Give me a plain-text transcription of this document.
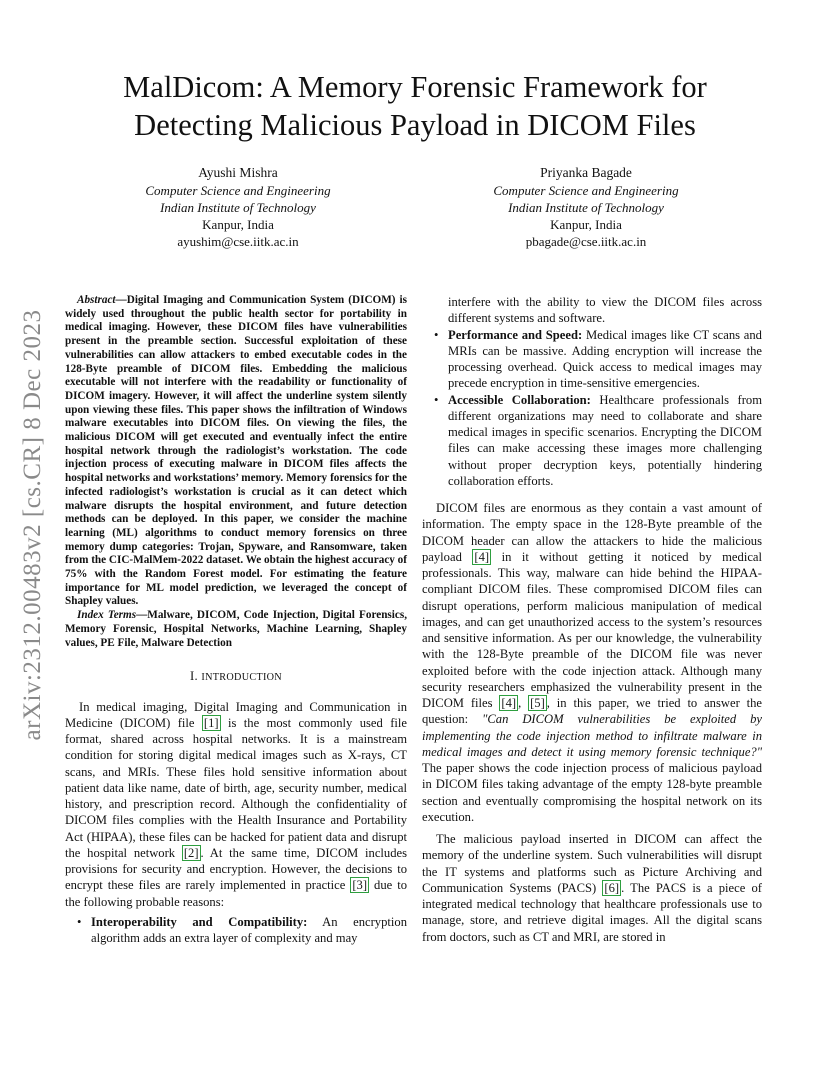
arXiv:2312.00483v2 [cs.CR] 8 Dec 2023
MalDicom: A Memory Forensic Framework for
Detecting Malicious Payload in DICOM Files
Ayushi Mishra
Computer Science and Engineering
Indian Institute of Technology
Kanpur, India
ayushim@cse.iitk.ac.in
Priyanka Bagade
Computer Science and Engineering
Indian Institute of Technology
Kanpur, India
pbagade@cse.iitk.ac.in

Abstract—Digital Imaging and Communication System (DICOM) is widely used throughout the public health sector for portability in medical imaging. However, these DICOM files have vulnerabilities present in the preamble section. Successful exploitation of these vulnerabilities can allow attackers to embed executable codes in the 128-Byte preamble of DICOM files. Embedding the malicious executable will not interfere with the readability or functionality of DICOM imagery. However, it will affect the underline system silently upon viewing these files. This paper shows the infiltration of Windows malware executables into DICOM files. On viewing the files, the malicious DICOM will get executed and eventually infect the entire hospital network through the radiologist’s workstation. The code injection process of executing malware in DICOM files affects the hospital networks and workstations’ memory. Memory forensics for the infected radiologist’s workstation is crucial as it can detect which malware disrupts the hospital environment, and future detection methods can be deployed. In this paper, we consider the machine learning (ML) algorithms to conduct memory forensics on three memory dump categories: Trojan, Spyware, and Ransomware, taken from the CIC-MalMem-2022 dataset. We obtain the highest accuracy of 75% with the Random Forest model. For estimating the feature importance for ML model prediction, we leveraged the concept of Shapley values.

Index Terms—Malware, DICOM, Code Injection, Digital Forensics, Memory Forensic, Hospital Networks, Machine Learning, Shapley values, PE File, Malware Detection

I. INTRODUCTION

In medical imaging, Digital Imaging and Communication in Medicine (DICOM) file [1] is the most commonly used file format, shared across hospital networks. It is a mainstream condition for storing digital medical images such as X-rays, CT scans, and MRIs. These files hold sensitive information about patient data like name, date of birth, age, security number, medical history, and prescription record. Although the confidentiality of DICOM files complies with the Health Insurance and Portability Act (HIPAA), these files can be hacked for patient data and disrupt the hospital network [2] . At the same time, DICOM includes provisions for security and encryption. However, the decisions to encrypt these files are rarely implemented in practice [3] due to the following probable reasons:

• Interoperability and Compatibility: An encryption algorithm adds an extra layer of complexity and may
interfere with the ability to view the DICOM files across different systems and software.
• Performance and Speed: Medical images like CT scans and MRIs can be massive. Adding encryption will increase the processing overhead. Quick access to medical images may precede encryption in time-sensitive emergencies.
• Accessible Collaboration: Healthcare professionals from different organizations may need to collaborate and share medical images in specific scenarios. Encrypting the DICOM files can make accessing these images more challenging without proper decryption keys, potentially hindering collaboration efforts.

DICOM files are enormous as they contain a vast amount of information. The empty space in the 128-Byte preamble of the DICOM header can allow the attackers to hide the malicious payload [4] in it without getting it noticed by medical professionals. This way, malware can hide behind the HIPAA-compliant DICOM files. These compromised DICOM files can disrupt operations, perform malicious manipulation of medical images, and can get unauthorized access to the system’s resources and sensitive information. As per our knowledge, the vulnerability with the 128-Byte preamble of the DICOM file was never exploited before with the code injection attack. Although many security researchers emphasized the vulnerability present in the DICOM files [4] , [5] , in this paper, we tried to answer the question: "Can DICOM vulnerabilities be exploited by implementing the code injection method to infiltrate malware in medical images and detect it using memory forensic technique?" The paper shows the code injection process of malicious payload in DICOM files taking advantage of the empty 128-byte preamble section and eventually compromising the hospital network on its execution.

The malicious payload inserted in DICOM can affect the memory of the underline system. Such vulnerabilities will disrupt the IT systems and platforms such as Picture Archiving and Communication Systems (PACS) [6] . The PACS is a piece of integrated medical technology that healthcare professionals use to manage, store, and retrieve digital images. All the digital scans from doctors, such as CT and MRI, are stored in
